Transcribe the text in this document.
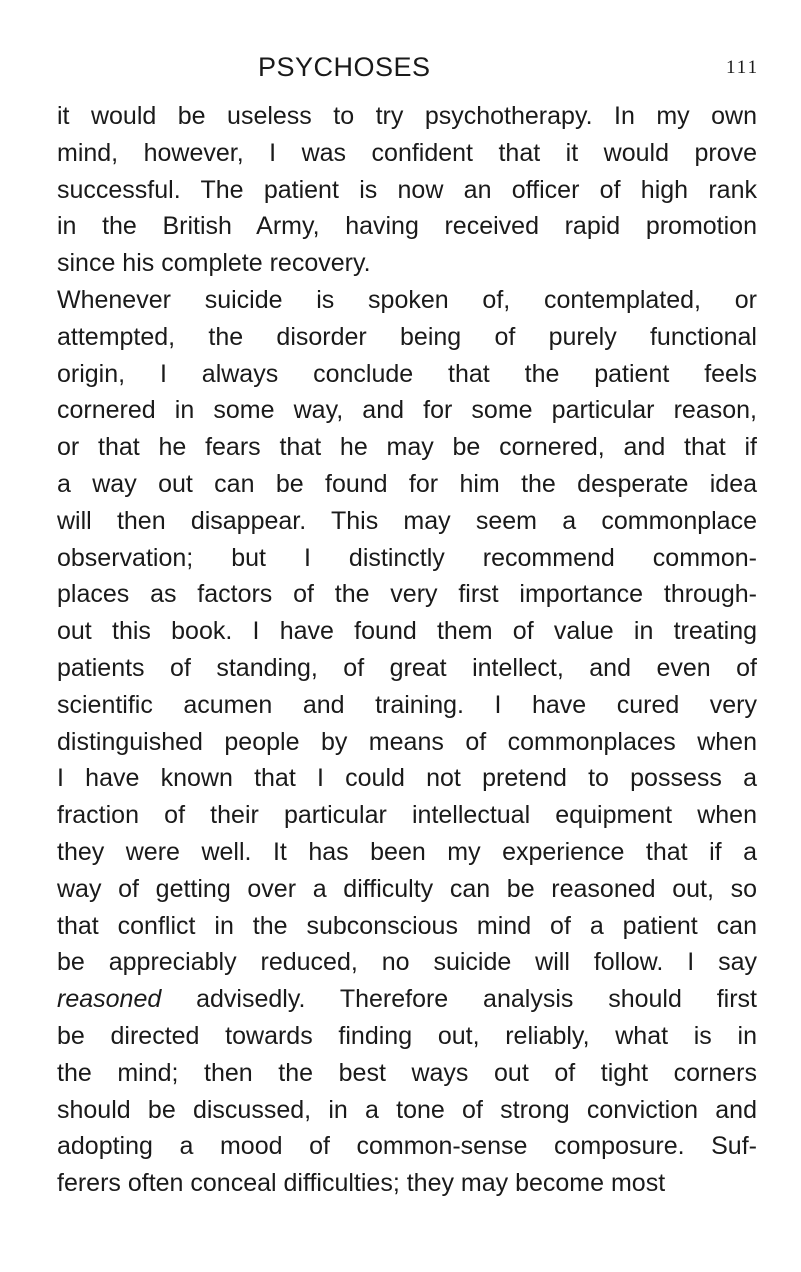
PSYCHOSES	111
it would be useless to try psychotherapy. In my own
mind, however, I was confident that it would prove
successful. The patient is now an officer of high rank
in the British Army, having received rapid promotion
since his complete recovery.
Whenever suicide is spoken of, contemplated, or
attempted, the disorder being of purely functional
origin, I always conclude that the patient feels
cornered in some way, and for some particular reason,
or that he fears that he may be cornered, and that if
a way out can be found for him the desperate idea
will then disappear. This may seem a commonplace
observation; but I distinctly recommend common-
places as factors of the very first importance through-
out this book. I have found them of value in treating
patients of standing, of great intellect, and even of
scientific acumen and training. I have cured very
distinguished people by means of commonplaces when
I have known that I could not pretend to possess a
fraction of their particular intellectual equipment when
they were well. It has been my experience that if a
way of getting over a difficulty can be reasoned out, so
that conflict in the subconscious mind of a patient can
be appreciably reduced, no suicide will follow. I say
reasoned advisedly. Therefore analysis should first
be directed towards finding out, reliably, what is in
the mind; then the best ways out of tight corners
should be discussed, in a tone of strong conviction and
adopting a mood of common-sense composure. Suf-
ferers often conceal difficulties; they may become most
